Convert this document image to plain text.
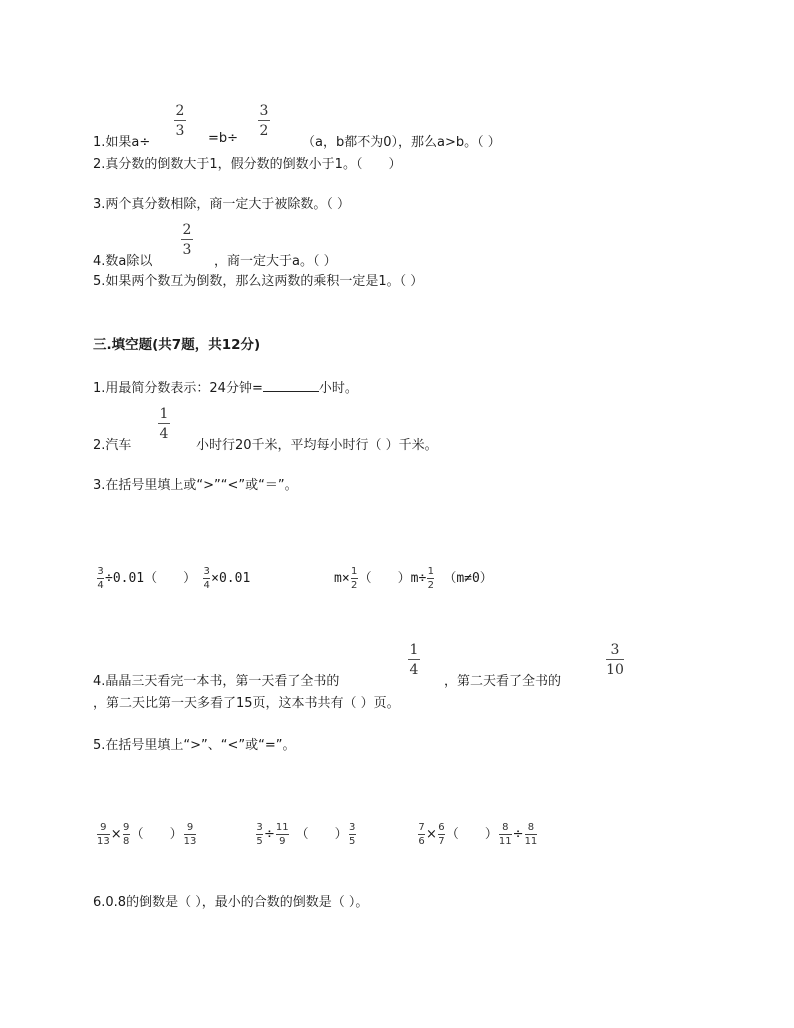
2
3
3
2
1.如果a÷	=b÷	（a，b都不为0），那么a>b。（ ）
2.真分数的倒数大于1，假分数的倒数小于1。（　　）
3.两个真分数相除，商一定大于被除数。（ ）
2
3
4.数a除以	，商一定大于a。（ ）
5.如果两个数互为倒数，那么这两数的乘积一定是1。（ ）
三.填空题(共7题，共12分)
1.用最简分数表示：24分钟=	小时。
1
4
2.汽车	小时行20千米，平均每小时行（ ）千米。
3.在括号里填上或“>”“<”或“＝”。
$\frac{3}{4} \div 0.01$（　　） $\frac{3}{4} \times 0.01$	$m\times \frac{1}{2}$ （　　）$m\div \frac{1}{2} (m\ne 0)$
1
4
3
10
4.晶晶三天看完一本书，第一天看了全书的	，第二天看了全书的
，第二天比第一天多看了15页，这本书共有（ ）页。
5.在括号里填上“>”、“<”或“=”。
$\frac{9}{13} \times \frac{9}{8}$ （　　） $\frac{9}{13}$	$\frac{3}{5} \div \frac{11}{9}$ （　　） $\frac{3}{5}$	$\frac{7}{6} \times \frac{6}{7}$ （　　） $\frac{8}{11} \div \frac{8}{11}$
6.0.8的倒数是（ ），最小的合数的倒数是（ ）。
